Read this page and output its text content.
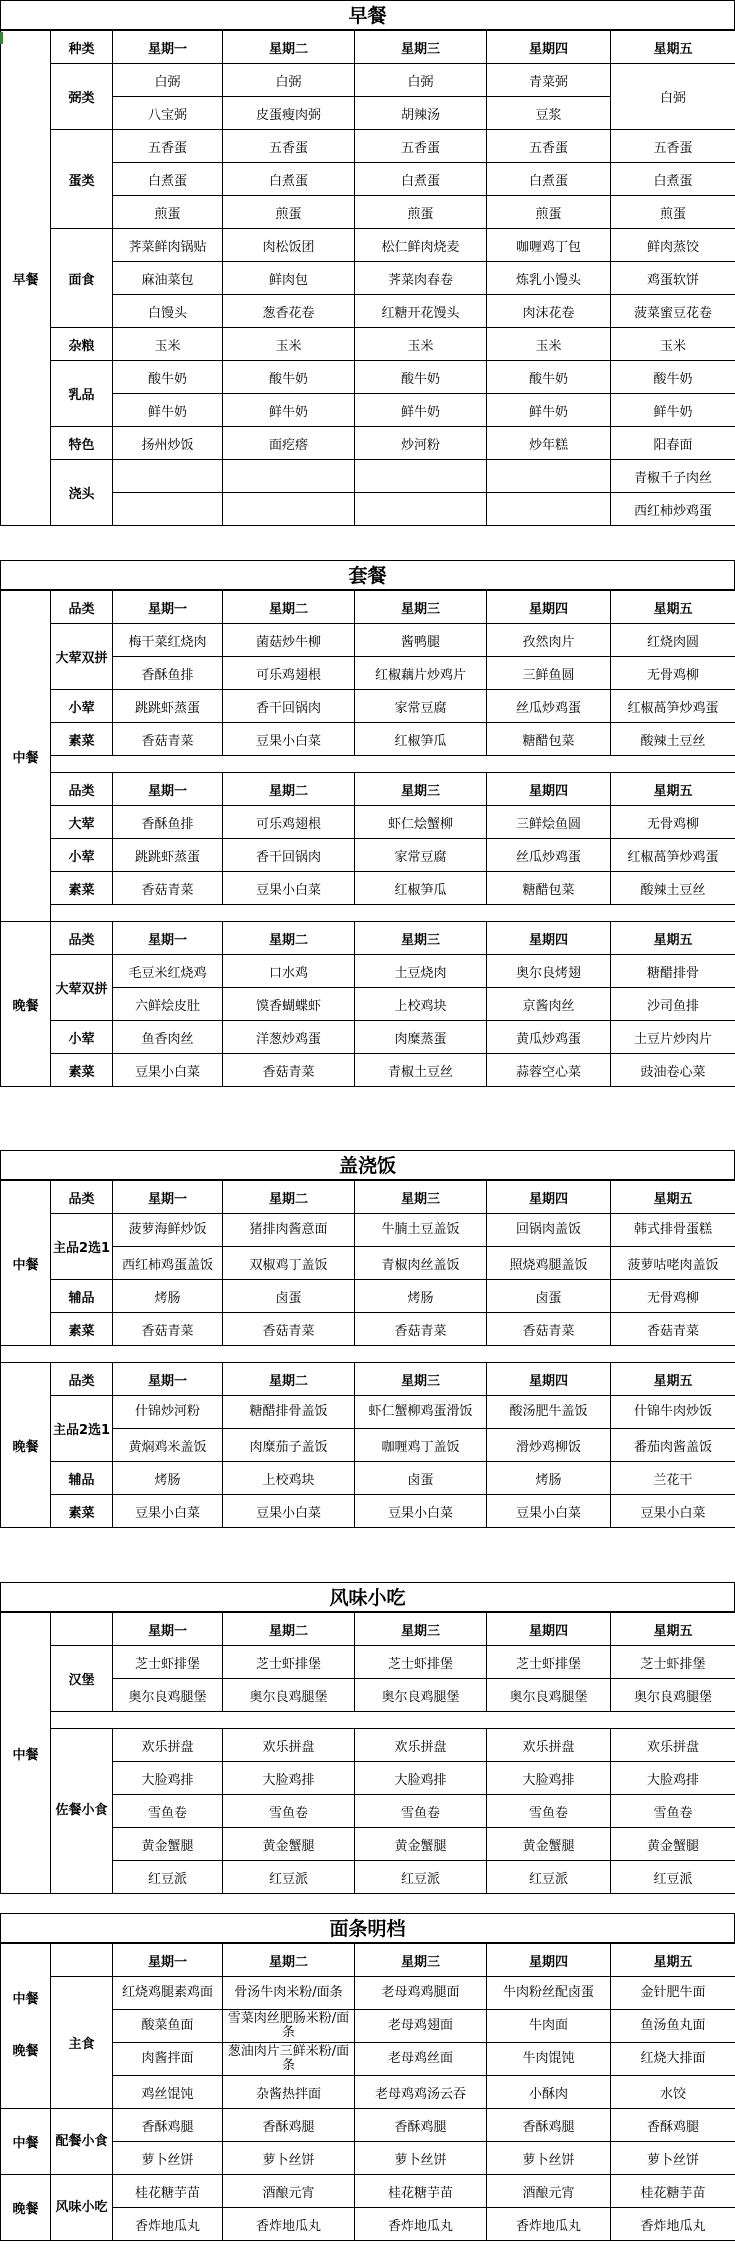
早餐
早餐	种类	星期一	星期二	星期三	星期四	星期五
	弼类	白弼	白弼	白弼	青菜弼	白弼
		八宝弼	皮蛋瘦肉弼	胡辣汤	豆浆	
	蛋类	五香蛋	五香蛋	五香蛋	五香蛋	五香蛋
		白煮蛋	白煮蛋	白煮蛋	白煮蛋	白煮蛋
		煎蛋	煎蛋	煎蛋	煎蛋	煎蛋
	面食	荠菜鲜肉锅贴	肉松饭团	松仁鲜肉烧麦	咖喱鸡丁包	鲜肉蒸饺
		麻油菜包	鲜肉包	荠菜肉春卷	炼乳小馒头	鸡蛋软饼
		白馒头	葱香花卷	红糖开花馒头	肉沫花卷	菠菜蜜豆花卷
	杂粮	玉米	玉米	玉米	玉米	玉米
	乳品	酸牛奶	酸牛奶	酸牛奶	酸牛奶	酸牛奶
		鲜牛奶	鲜牛奶	鲜牛奶	鲜牛奶	鲜牛奶
	特色	扬州炒饭	面疙瘩	炒河粉	炒年糕	阳春面
	浇头					青椒千子肉丝
						西红柿炒鸡蛋
套餐
中餐	品类	星期一	星期二	星期三	星期四	星期五
	大荤双拼	梅干菜红烧肉	菌菇炒牛柳	酱鸭腿	孜然肉片	红烧肉圆
		香酥鱼排	可乐鸡翅根	红椒藕片炒鸡片	三鲜鱼圆	无骨鸡柳
	小荤	跳跳虾蒸蛋	香干回锅肉	家常豆腐	丝瓜炒鸡蛋	红椒萵笋炒鸡蛋
	素菜	香菇青菜	豆果小白菜	红椒笋瓜	糖醋包菜	酸辣土豆丝

	品类	星期一	星期二	星期三	星期四	星期五
	大荤	香酥鱼排	可乐鸡翅根	虾仁烩蟹柳	三鲜烩鱼圆	无骨鸡柳
	小荤	跳跳虾蒸蛋	香干回锅肉	家常豆腐	丝瓜炒鸡蛋	红椒萵笋炒鸡蛋
	素菜	香菇青菜	豆果小白菜	红椒笋瓜	糖醋包菜	酸辣土豆丝

晚餐	品类	星期一	星期二	星期三	星期四	星期五
	大荤双拼	毛豆米红烧鸡	口水鸡	土豆烧肉	奥尔良烤翅	糖醋排骨
		六鲜烩皮肚	馍香蝴蝶虾	上校鸡块	京酱肉丝	沙司鱼排
	小荤	鱼香肉丝	洋葱炒鸡蛋	肉糜蒸蛋	黄瓜炒鸡蛋	土豆片炒肉片
	素菜	豆果小白菜	香菇青菜	青椒土豆丝	蒜蓉空心菜	豉油卷心菜
盖浇饭
中餐	品类	星期一	星期二	星期三	星期四	星期五
	主品2选1	菠萝海鲜炒饭	猪排肉酱意面	牛腩土豆盖饭	回锅肉盖饭	韩式排骨蛋糕
		西红柿鸡蛋盖饭	双椒鸡丁盖饭	青椒肉丝盖饭	照烧鸡腿盖饭	菠萝咕咾肉盖饭
	辅品	烤肠	卤蛋	烤肠	卤蛋	无骨鸡柳
	素菜	香菇青菜	香菇青菜	香菇青菜	香菇青菜	香菇青菜

晚餐	品类	星期一	星期二	星期三	星期四	星期五
	主品2选1	什锦炒河粉	糖醋排骨盖饭	虾仁蟹柳鸡蛋滑饭	酸汤肥牛盖饭	什锦牛肉炒饭
		黄焖鸡米盖饭	肉糜茄子盖饭	咖喱鸡丁盖饭	滑炒鸡柳饭	番茄肉酱盖饭
	辅品	烤肠	上校鸡块	卤蛋	烤肠	兰花干
	素菜	豆果小白菜	豆果小白菜	豆果小白菜	豆果小白菜	豆果小白菜
风味小吃
中餐		星期一	星期二	星期三	星期四	星期五
	汉堡	芝士虾排堡	芝士虾排堡	芝士虾排堡	芝士虾排堡	芝士虾排堡
		奥尔良鸡腿堡	奥尔良鸡腿堡	奥尔良鸡腿堡	奥尔良鸡腿堡	奥尔良鸡腿堡

	佐餐小食	欢乐拼盘	欢乐拼盘	欢乐拼盘	欢乐拼盘	欢乐拼盘
		大脸鸡排	大脸鸡排	大脸鸡排	大脸鸡排	大脸鸡排
		雪鱼卷	雪鱼卷	雪鱼卷	雪鱼卷	雪鱼卷
		黄金蟹腿	黄金蟹腿	黄金蟹腿	黄金蟹腿	黄金蟹腿
		红豆派	红豆派	红豆派	红豆派	红豆派
面条明档
中餐
晚餐		星期一	星期二	星期三	星期四	星期五
	主食	红烧鸡腿素鸡面	骨汤牛肉米粉/面条	老母鸡鸡腿面	牛肉粉丝配卤蛋	金针肥牛面
		酸菜鱼面	雪菜肉丝肥肠米粉/面条	老母鸡翅面	牛肉面	鱼汤鱼丸面
		肉酱拌面	葱油肉片三鲜米粉/面条	老母鸡丝面	牛肉馄饨	红烧大排面
		鸡丝馄饨	杂酱热拌面	老母鸡鸡汤云吞	小酥肉	水饺
中餐	配餐小食	香酥鸡腿	香酥鸡腿	香酥鸡腿	香酥鸡腿	香酥鸡腿
		萝卜丝饼	萝卜丝饼	萝卜丝饼	萝卜丝饼	萝卜丝饼
晚餐	风味小吃	桂花糖芋苗	酒酿元宵	桂花糖芋苗	酒酿元宵	桂花糖芋苗
		香炸地瓜丸	香炸地瓜丸	香炸地瓜丸	香炸地瓜丸	香炸地瓜丸
